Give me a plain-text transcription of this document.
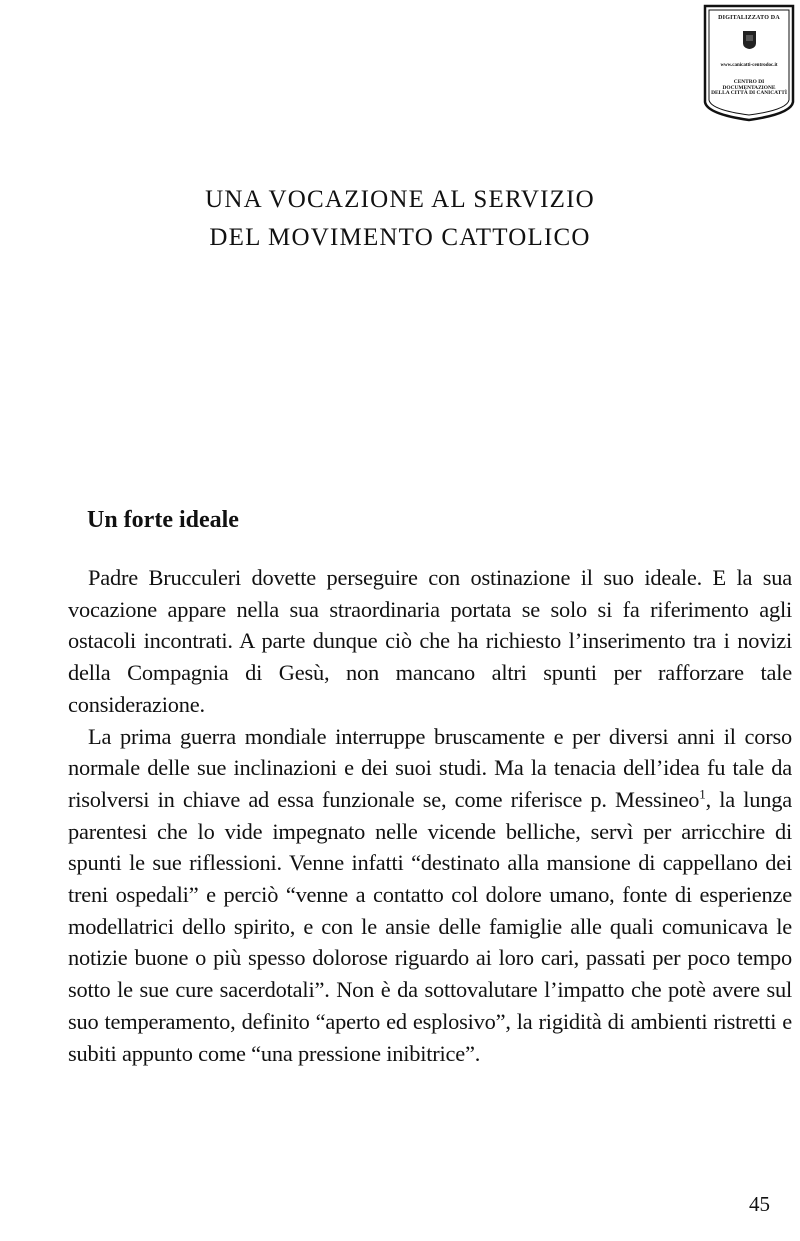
DIGITALIZZATO DA
www.canicatti-centrodoc.it
CENTRO DI DOCUMENTAZIONE
DELLA CITTÀ DI CANICATTÌ
UNA VOCAZIONE AL SERVIZIO
DEL MOVIMENTO CATTOLICO
Un forte ideale

Padre Brucculeri dovette perseguire con ostinazione il suo ideale. E la sua vocazione appare nella sua straordinaria portata se solo si fa riferimento agli ostacoli incontrati. A parte dunque ciò che ha richiesto l’inserimento tra i novizi della Compagnia di Gesù, non mancano altri spunti per rafforzare tale considerazione.

La prima guerra mondiale interruppe bruscamente e per diversi anni il corso normale delle sue inclinazioni e dei suoi studi. Ma la tenacia dell’idea fu tale da risolversi in chiave ad essa funzionale se, come riferisce p. Messineo$^1$, la lunga parentesi che lo vide impegnato nelle vicende belliche, servì per arricchire di spunti le sue riflessioni. Venne infatti “destinato alla mansione di cappellano dei treni ospedali” e perciò “venne a contatto col dolore umano, fonte di esperienze modellatrici dello spirito, e con le ansie delle famiglie alle quali comunicava le notizie buone o più spesso dolorose riguardo ai loro cari, passati per poco tempo sotto le sue cure sacerdotali”. Non è da sottovalutare l’impatto che potè avere sul suo temperamento, definito “aperto ed esplosivo”, la rigidità di ambienti ristretti e subiti appunto come “una pressione inibitrice”.

45
